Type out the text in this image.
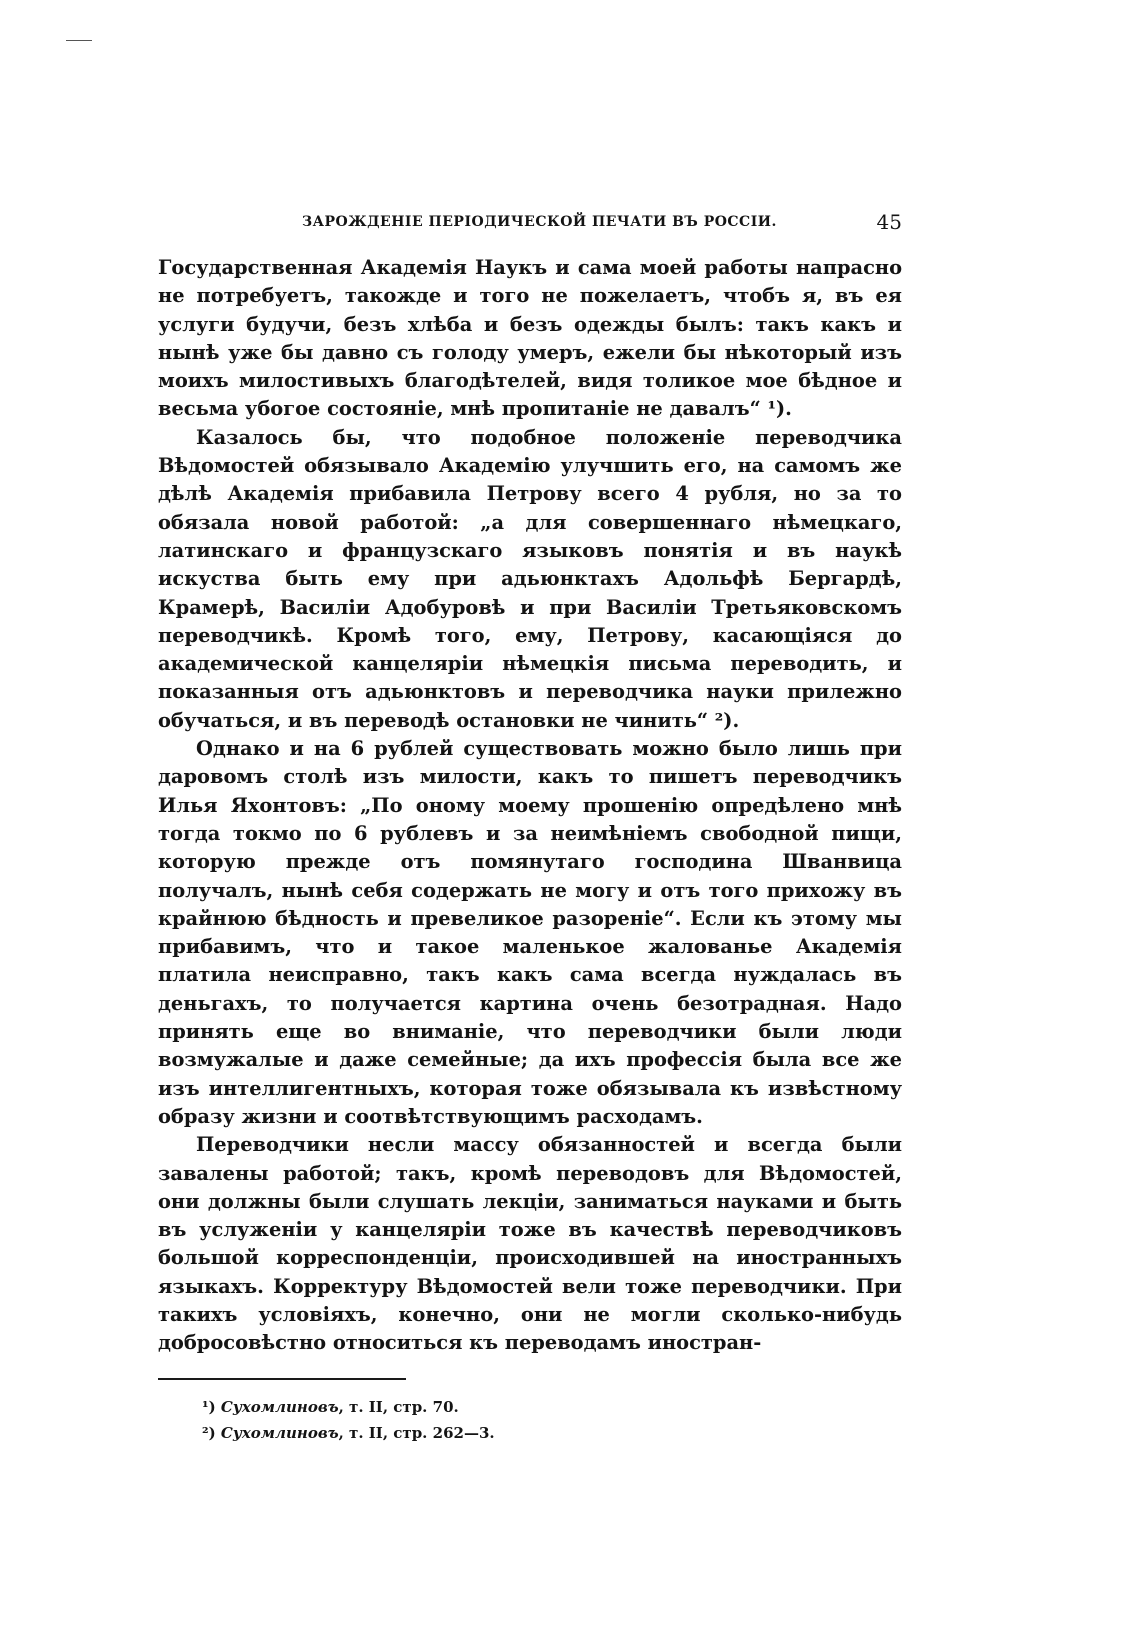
ЗАРОЖДЕНІЕ ПЕРІОДИЧЕСКОЙ ПЕЧАТИ ВЪ РОССІИ.	45

Государственная Академія Наукъ и сама моей работы напрасно не потребуетъ, такожде и того не пожелаетъ, чтобъ я, въ ея услуги будучи, безъ хлѣба и безъ одежды былъ: такъ какъ и нынѣ уже бы давно съ голоду умеръ, ежели бы нѣкоторый изъ моихъ милостивыхъ благодѣтелей, видя толикое мое бѣдное и весьма убогое состояніе, мнѣ пропитаніе не давалъ“ ¹).

Казалось бы, что подобное положеніе переводчика Вѣдомостей обязывало Академію улучшить его, на самомъ же дѣлѣ Академія прибавила Петрову всего 4 рубля, но за то обязала новой работой: „а для совершеннаго нѣмецкаго, латинскаго и французскаго языковъ понятія и въ наукѣ искуства быть ему при адьюнктахъ Адольфѣ Бергардѣ, Крамерѣ, Василіи Адобуровѣ и при Василіи Третьяковскомъ переводчикѣ. Кромѣ того, ему, Петрову, касающіяся до академической канцеляріи нѣмецкія письма переводить, и показанныя отъ адьюнктовъ и переводчика науки прилежно обучаться, и въ переводѣ остановки не чинить“ ²).

Однако и на 6 рублей существовать можно было лишь при даровомъ столѣ изъ милости, какъ то пишетъ переводчикъ Илья Яхонтовъ: „По оному моему прошенію опредѣлено мнѣ тогда токмо по 6 рублевъ и за неимѣніемъ свободной пищи, которую прежде отъ помянутаго господина Шванвица получалъ, нынѣ себя содержать не могу и отъ того прихожу въ крайнюю бѣдность и превеликое разореніе“. Если къ этому мы прибавимъ, что и такое маленькое жалованье Академія платила неисправно, такъ какъ сама всегда нуждалась въ деньгахъ, то получается картина очень безотрадная. Надо принять еще во вниманіе, что переводчики были люди возмужалые и даже семейные; да ихъ профессія была все же изъ интеллигентныхъ, которая тоже обязывала къ извѣстному образу жизни и соотвѣтствующимъ расходамъ.

Переводчики несли массу обязанностей и всегда были завалены работой; такъ, кромѣ переводовъ для Вѣдомостей, они должны были слушать лекціи, заниматься науками и быть въ услуженіи у канцеляріи тоже въ качествѣ переводчиковъ большой корреспонденціи, происходившей на иностранныхъ языкахъ. Корректуру Вѣдомостей вели тоже переводчики. При такихъ условіяхъ, конечно, они не могли сколько-нибудь добросовѣстно относиться къ переводамъ иностран-

¹) Сухомлиновъ, т. II, стр. 70.
²) Сухомлиновъ, т. II, стр. 262—3.
